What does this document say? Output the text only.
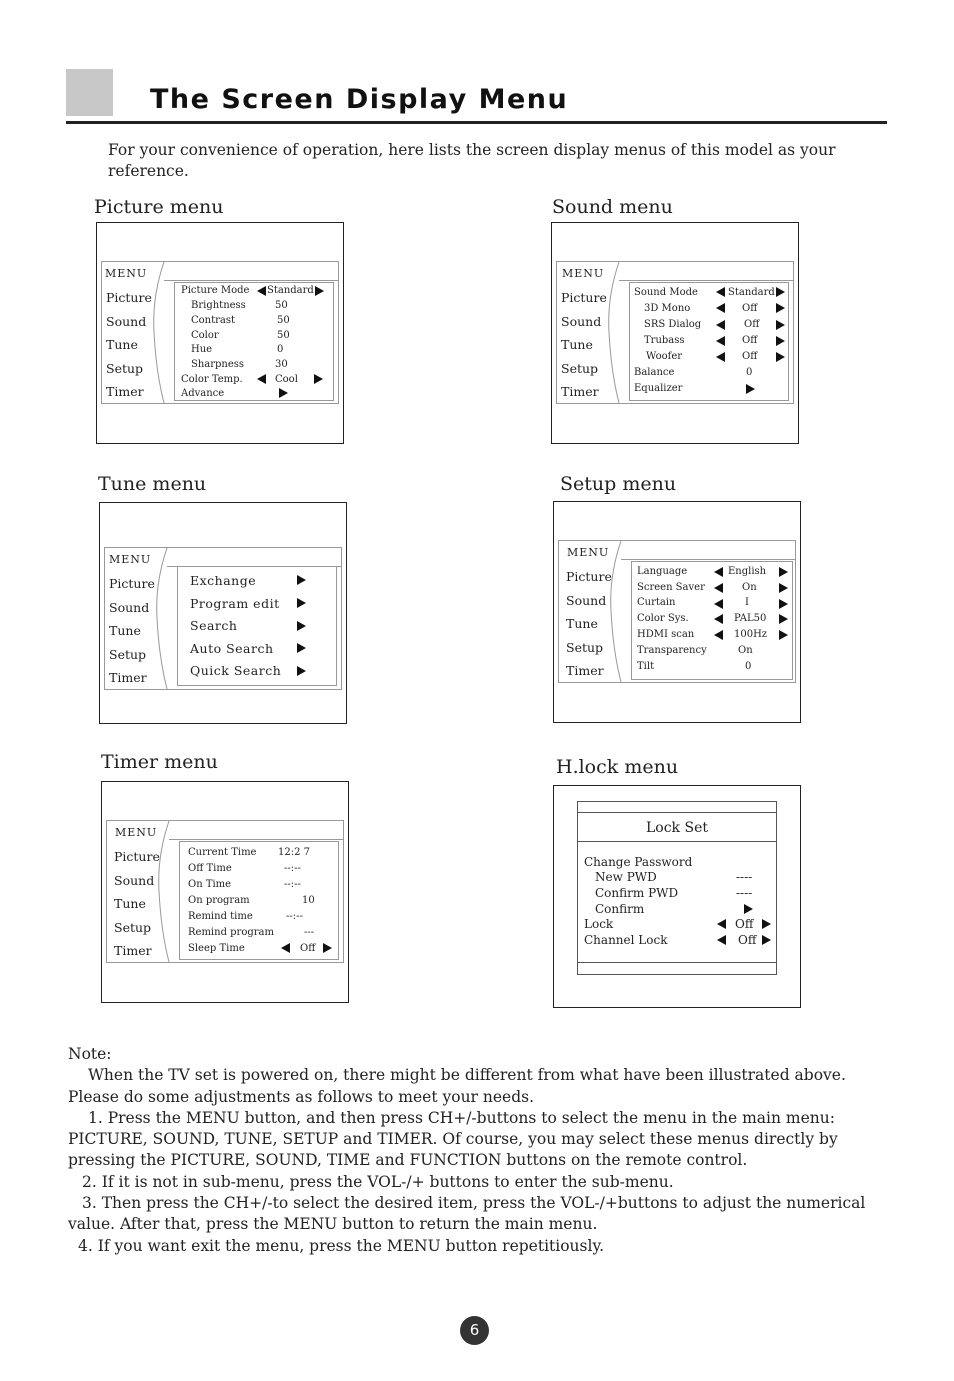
The Screen Display Menu
For your convenience of operation, here lists the screen display menus of this model as your reference.
Picture menu	Sound menu
Tune menu	Setup menu
Timer menu	H.lock menu
MENU
Picture
Sound
Tune
Setup
Timer
Picture Mode Standard
Brightness	50
Contrast	50
Color	50
Hue	0
Sharpness	30
Color Temp.	Cool
Advance
MENU
Picture
Sound
Tune
Setup
Timer
Sound Mode	Standard
3D Mono	Off
SRS Dialog	Off
Trubass	Off
Woofer	Off
Balance	0
Equalizer
MENU
Picture
Sound
Tune
Setup
Timer
Exchange
Program edit
Search
Auto Search
Quick Search
MENU
Picture
Sound
Tune
Setup
Timer
Language	English
Screen Saver	On
Curtain	I
Color Sys.	PAL50
HDMI scan	100Hz
Transparency	On
Tilt	0
MENU
Picture
Sound
Tune
Setup
Timer
Current Time 12:2 7
Off Time	--:--
On Time	--:--
On program	10
Remind time	--:--
Remind program	---
Sleep Time	Off
Lock Set
Change Password
New PWD	----
Confirm PWD	----
Confirm
Lock	Off
Channel Lock	Off

Note:

When the TV set is powered on, there might be different from what have been illustrated above. Please do some adjustments as follows to meet your needs.

1. Press the MENU button, and then press CH+/-buttons to select the menu in the main menu: PICTURE, SOUND, TUNE, SETUP and TIMER. Of course, you may select these menus directly by pressing the PICTURE, SOUND, TIME and FUNCTION buttons on the remote control.

2. If it is not in sub-menu, press the VOL-/+ buttons to enter the sub-menu.

3. Then press the CH+/-to select the desired item, press the VOL-/+buttons to adjust the numerical value. After that, press the MENU button to return the main menu.

4. If you want exit the menu, press the MENU button repetitiously.

6
